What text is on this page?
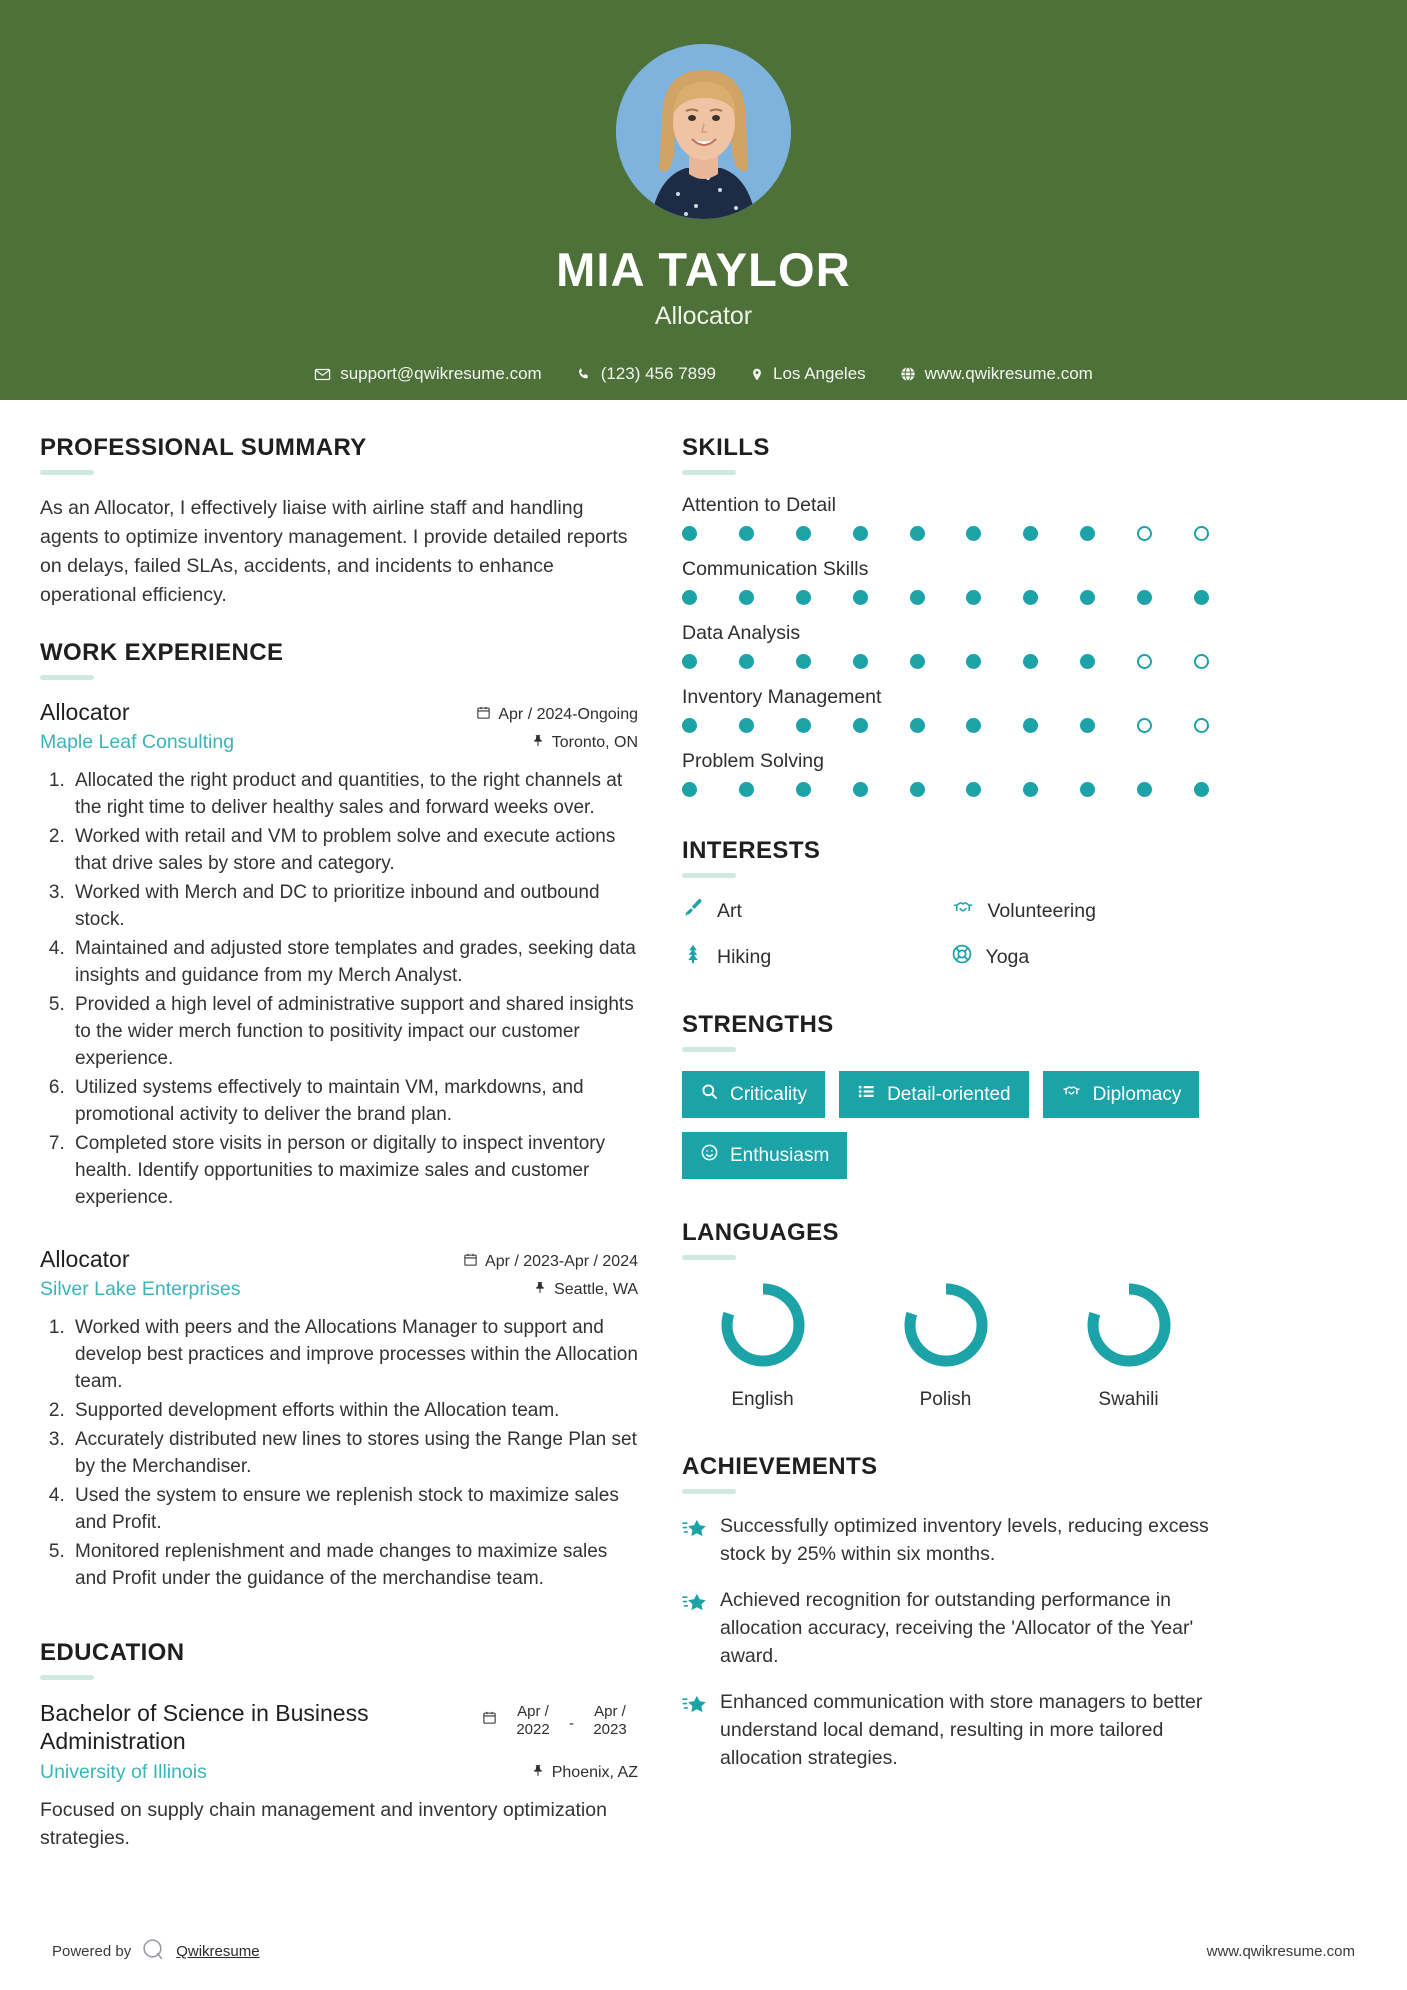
MIA TAYLOR
Allocator
support@qwikresume.com	(123) 456 7899	Los Angeles	www.qwikresume.com
PROFESSIONAL SUMMARY
As an Allocator, I effectively liaise with airline staff and handling agents to optimize inventory management. I provide detailed reports on delays, failed SLAs, accidents, and incidents to enhance operational efficiency.
WORK EXPERIENCE
Allocator	Apr / 2024-Ongoing
Maple Leaf Consulting	Toronto, ON
1. Allocated the right product and quantities, to the right channels at the right time to deliver healthy sales and forward weeks over.
2. Worked with retail and VM to problem solve and execute actions that drive sales by store and category.
3. Worked with Merch and DC to prioritize inbound and outbound stock.
4. Maintained and adjusted store templates and grades, seeking data insights and guidance from my Merch Analyst.
5. Provided a high level of administrative support and shared insights to the wider merch function to positivity impact our customer experience.
6. Utilized systems effectively to maintain VM, markdowns, and promotional activity to deliver the brand plan.
7. Completed store visits in person or digitally to inspect inventory health. Identify opportunities to maximize sales and customer experience.
Allocator	Apr / 2023-Apr / 2024
Silver Lake Enterprises	Seattle, WA
1. Worked with peers and the Allocations Manager to support and develop best practices and improve processes within the Allocation team.
2. Supported development efforts within the Allocation team.
3. Accurately distributed new lines to stores using the Range Plan set by the Merchandiser.
4. Used the system to ensure we replenish stock to maximize sales and Profit.
5. Monitored replenishment and made changes to maximize sales and Profit under the guidance of the merchandise team.
EDUCATION
Bachelor of Science in Business Administration
Apr /
2022	-
Apr /
2023
University of Illinois	Phoenix, AZ
Focused on supply chain management and inventory optimization strategies.
SKILLS
Attention to Detail
Communication Skills
Data Analysis
Inventory Management
Problem Solving
INTERESTS
Art	Volunteering
Hiking	Yoga
STRENGTHS
Criticality	Detail-oriented	Diplomacy
Enthusiasm
LANGUAGES
English	Polish	Swahili
ACHIEVEMENTS
Successfully optimized inventory levels, reducing excess stock by 25% within six months.
Achieved recognition for outstanding performance in allocation accuracy, receiving the 'Allocator of the Year' award.
Enhanced communication with store managers to better understand local demand, resulting in more tailored allocation strategies.
Powered by	Qwikresume	www.qwikresume.com
